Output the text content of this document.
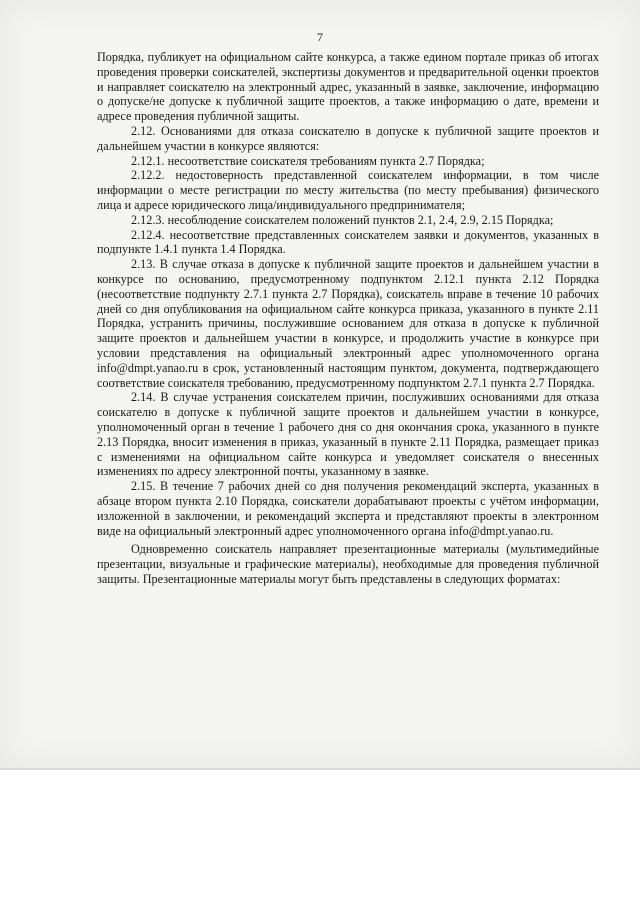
7

Порядка, публикует на официальном сайте конкурса, а также едином портале приказ об итогах проведения проверки соискателей, экспертизы документов и предварительной оценки проектов и направляет соискателю на электронный адрес, указанный в заявке, заключение, информацию о допуске/не допуске к публичной защите проектов, а также информацию о дате, времени и адресе проведения публичной защиты.

2.12. Основаниями для отказа соискателю в допуске к публичной защите проектов и дальнейшем участии в конкурсе являются:

2.12.1. несоответствие соискателя требованиям пункта 2.7 Порядка;

2.12.2. недостоверность представленной соискателем информации, в том числе информации о месте регистрации по месту жительства (по месту пребывания) физического лица и адресе юридического лица/индивидуального предпринимателя;

2.12.3. несоблюдение соискателем положений пунктов 2.1, 2.4, 2.9, 2.15 Порядка;

2.12.4. несоответствие представленных соискателем заявки и документов, указанных в подпункте 1.4.1 пункта 1.4 Порядка.

2.13. В случае отказа в допуске к публичной защите проектов и дальнейшем участии в конкурсе по основанию, предусмотренному подпунктом 2.12.1 пункта 2.12 Порядка (несоответствие подпункту 2.7.1 пункта 2.7 Порядка), соискатель вправе в течение 10 рабочих дней со дня опубликования на официальном сайте конкурса приказа, указанного в пункте 2.11 Порядка, устранить причины, послужившие основанием для отказа в допуске к публичной защите проектов и дальнейшем участии в конкурсе, и продолжить участие в конкурсе при условии представления на официальный электронный адрес уполномоченного органа info@dmpt.yanao.ru в срок, установленный настоящим пунктом, документа, подтверждающего соответствие соискателя требованию, предусмотренному подпунктом 2.7.1 пункта 2.7 Порядка.

2.14. В случае устранения соискателем причин, послуживших основаниями для отказа соискателю в допуске к публичной защите проектов и дальнейшем участии в конкурсе, уполномоченный орган в течение 1 рабочего дня со дня окончания срока, указанного в пункте 2.13 Порядка, вносит изменения в приказ, указанный в пункте 2.11 Порядка, размещает приказ с изменениями на официальном сайте конкурса и уведомляет соискателя о внесенных изменениях по адресу электронной почты, указанному в заявке.

2.15. В течение 7 рабочих дней со дня получения рекомендаций эксперта, указанных в абзаце втором пункта 2.10 Порядка, соискатели дорабатывают проекты с учётом информации, изложенной в заключении, и рекомендаций эксперта и представляют проекты в электронном виде на официальный электронный адрес уполномоченного органа info@dmpt.yanao.ru.

Одновременно соискатель направляет презентационные материалы (мультимедийные презентации, визуальные и графические материалы), необходимые для проведения публичной защиты. Презентационные материалы могут быть представлены в следующих форматах:
